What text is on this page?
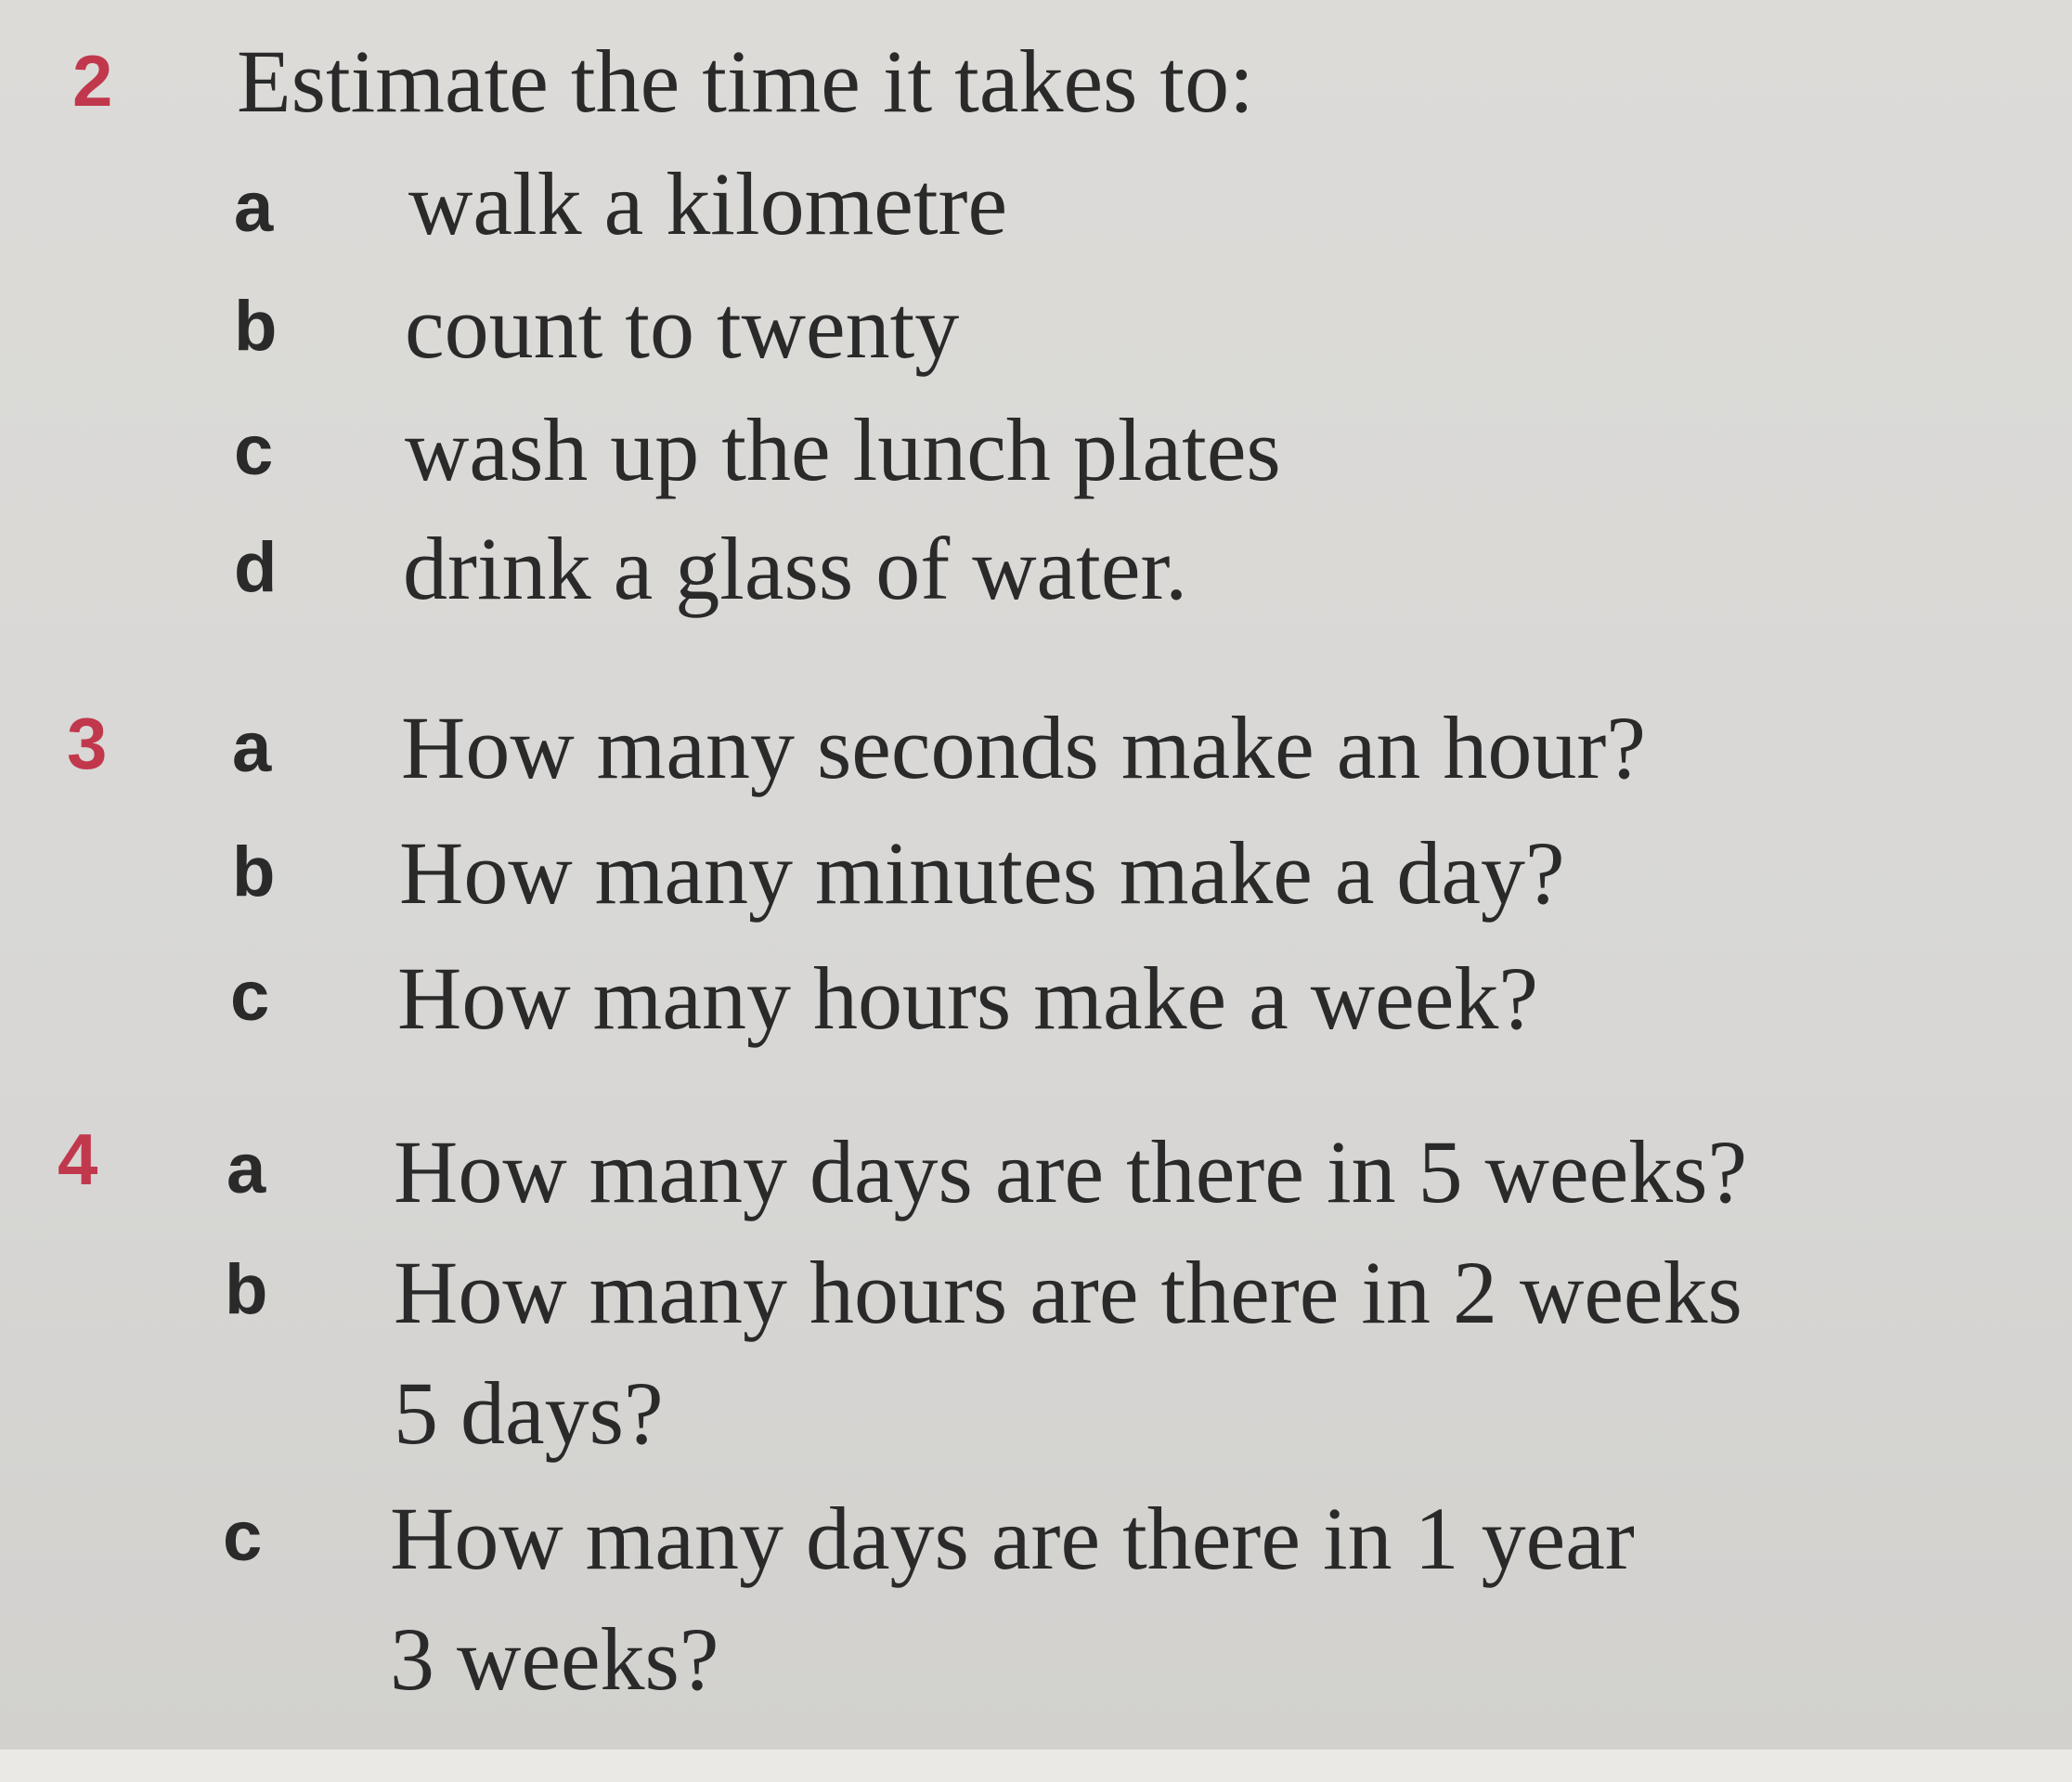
2 Estimate the time it takes to:
a walk a kilometre
b count to twenty
c wash up the lunch plates
d drink a glass of water.
3 a How many seconds make an hour?
b How many minutes make a day?
c How many hours make a week?
4 a How many days are there in 5 weeks?
b How many hours are there in 2 weeks
5 days?
c How many days are there in 1 year
3 weeks?
